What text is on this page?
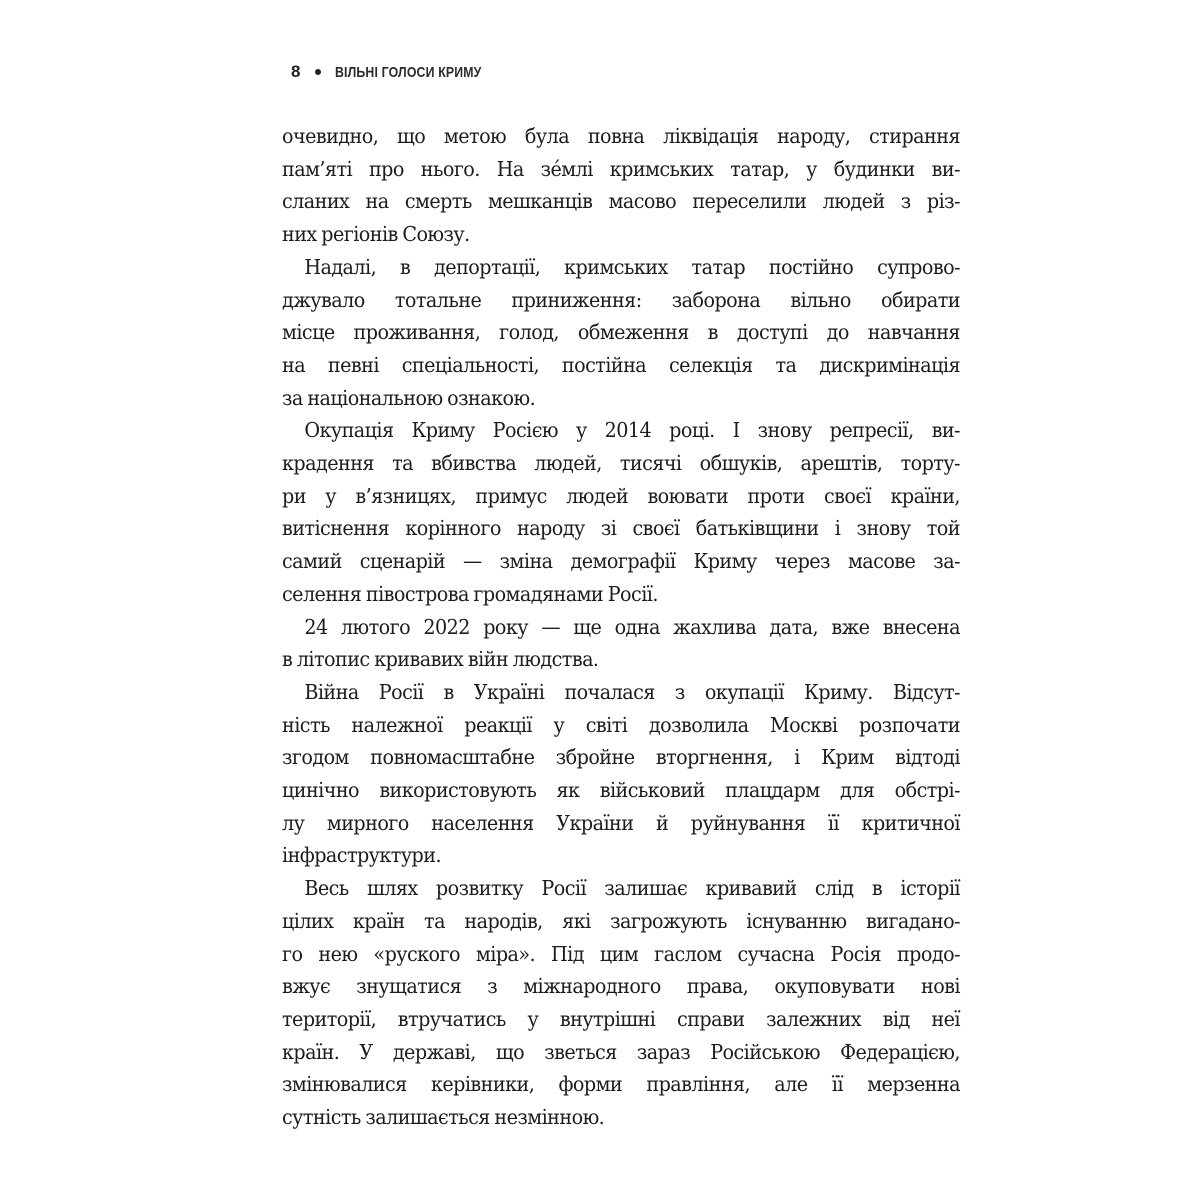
8 ВІЛЬНІ ГОЛОСИ КРИМУ
очевидно, що метою була повна ліквідація народу, стирання
пам’яті про нього. На зéмлі кримських татар, у будинки ви-
сланих на смерть мешканців масово переселили людей з різ-
них регіонів Союзу.
Надалі, в депортації, кримських татар постійно супрово-
джувало тотальне приниження: заборона вільно обирати
місце проживання, голод, обмеження в доступі до навчання
на певні спеціальності, постійна селекція та дискримінація
за національною ознакою.
Окупація Криму Росією у 2014 році. І знову репресії, ви-
крадення та вбивства людей, тисячі обшуків, арештів, торту-
ри у в’язницях, примус людей воювати проти своєї країни,
витіснення корінного народу зі своєї батьківщини і знову той
самий сценарій — зміна демографії Криму через масове за-
селення півострова громадянами Росії.
24 лютого 2022 року — ще одна жахлива дата, вже внесена
в літопис кривавих війн людства.
Війна Росії в Україні почалася з окупації Криму. Відсут-
ність належної реакції у світі дозволила Москві розпочати
згодом повномасштабне збройне вторгнення, і Крим відтоді
цинічно використовують як військовий плацдарм для обстрі-
лу мирного населення України й руйнування її критичної
інфраструктури.
Весь шлях розвитку Росії залишає кривавий слід в історії
цілих країн та народів, які загрожують існуванню вигадано-
го нею «руского міра». Під цим гаслом сучасна Росія продо-
вжує знущатися з міжнародного права, окуповувати нові
території, втручатись у внутрішні справи залежних від неї
країн. У державі, що зветься зараз Російською Федерацією,
змінювалися керівники, форми правління, але її мерзенна
сутність залишається незмінною.
